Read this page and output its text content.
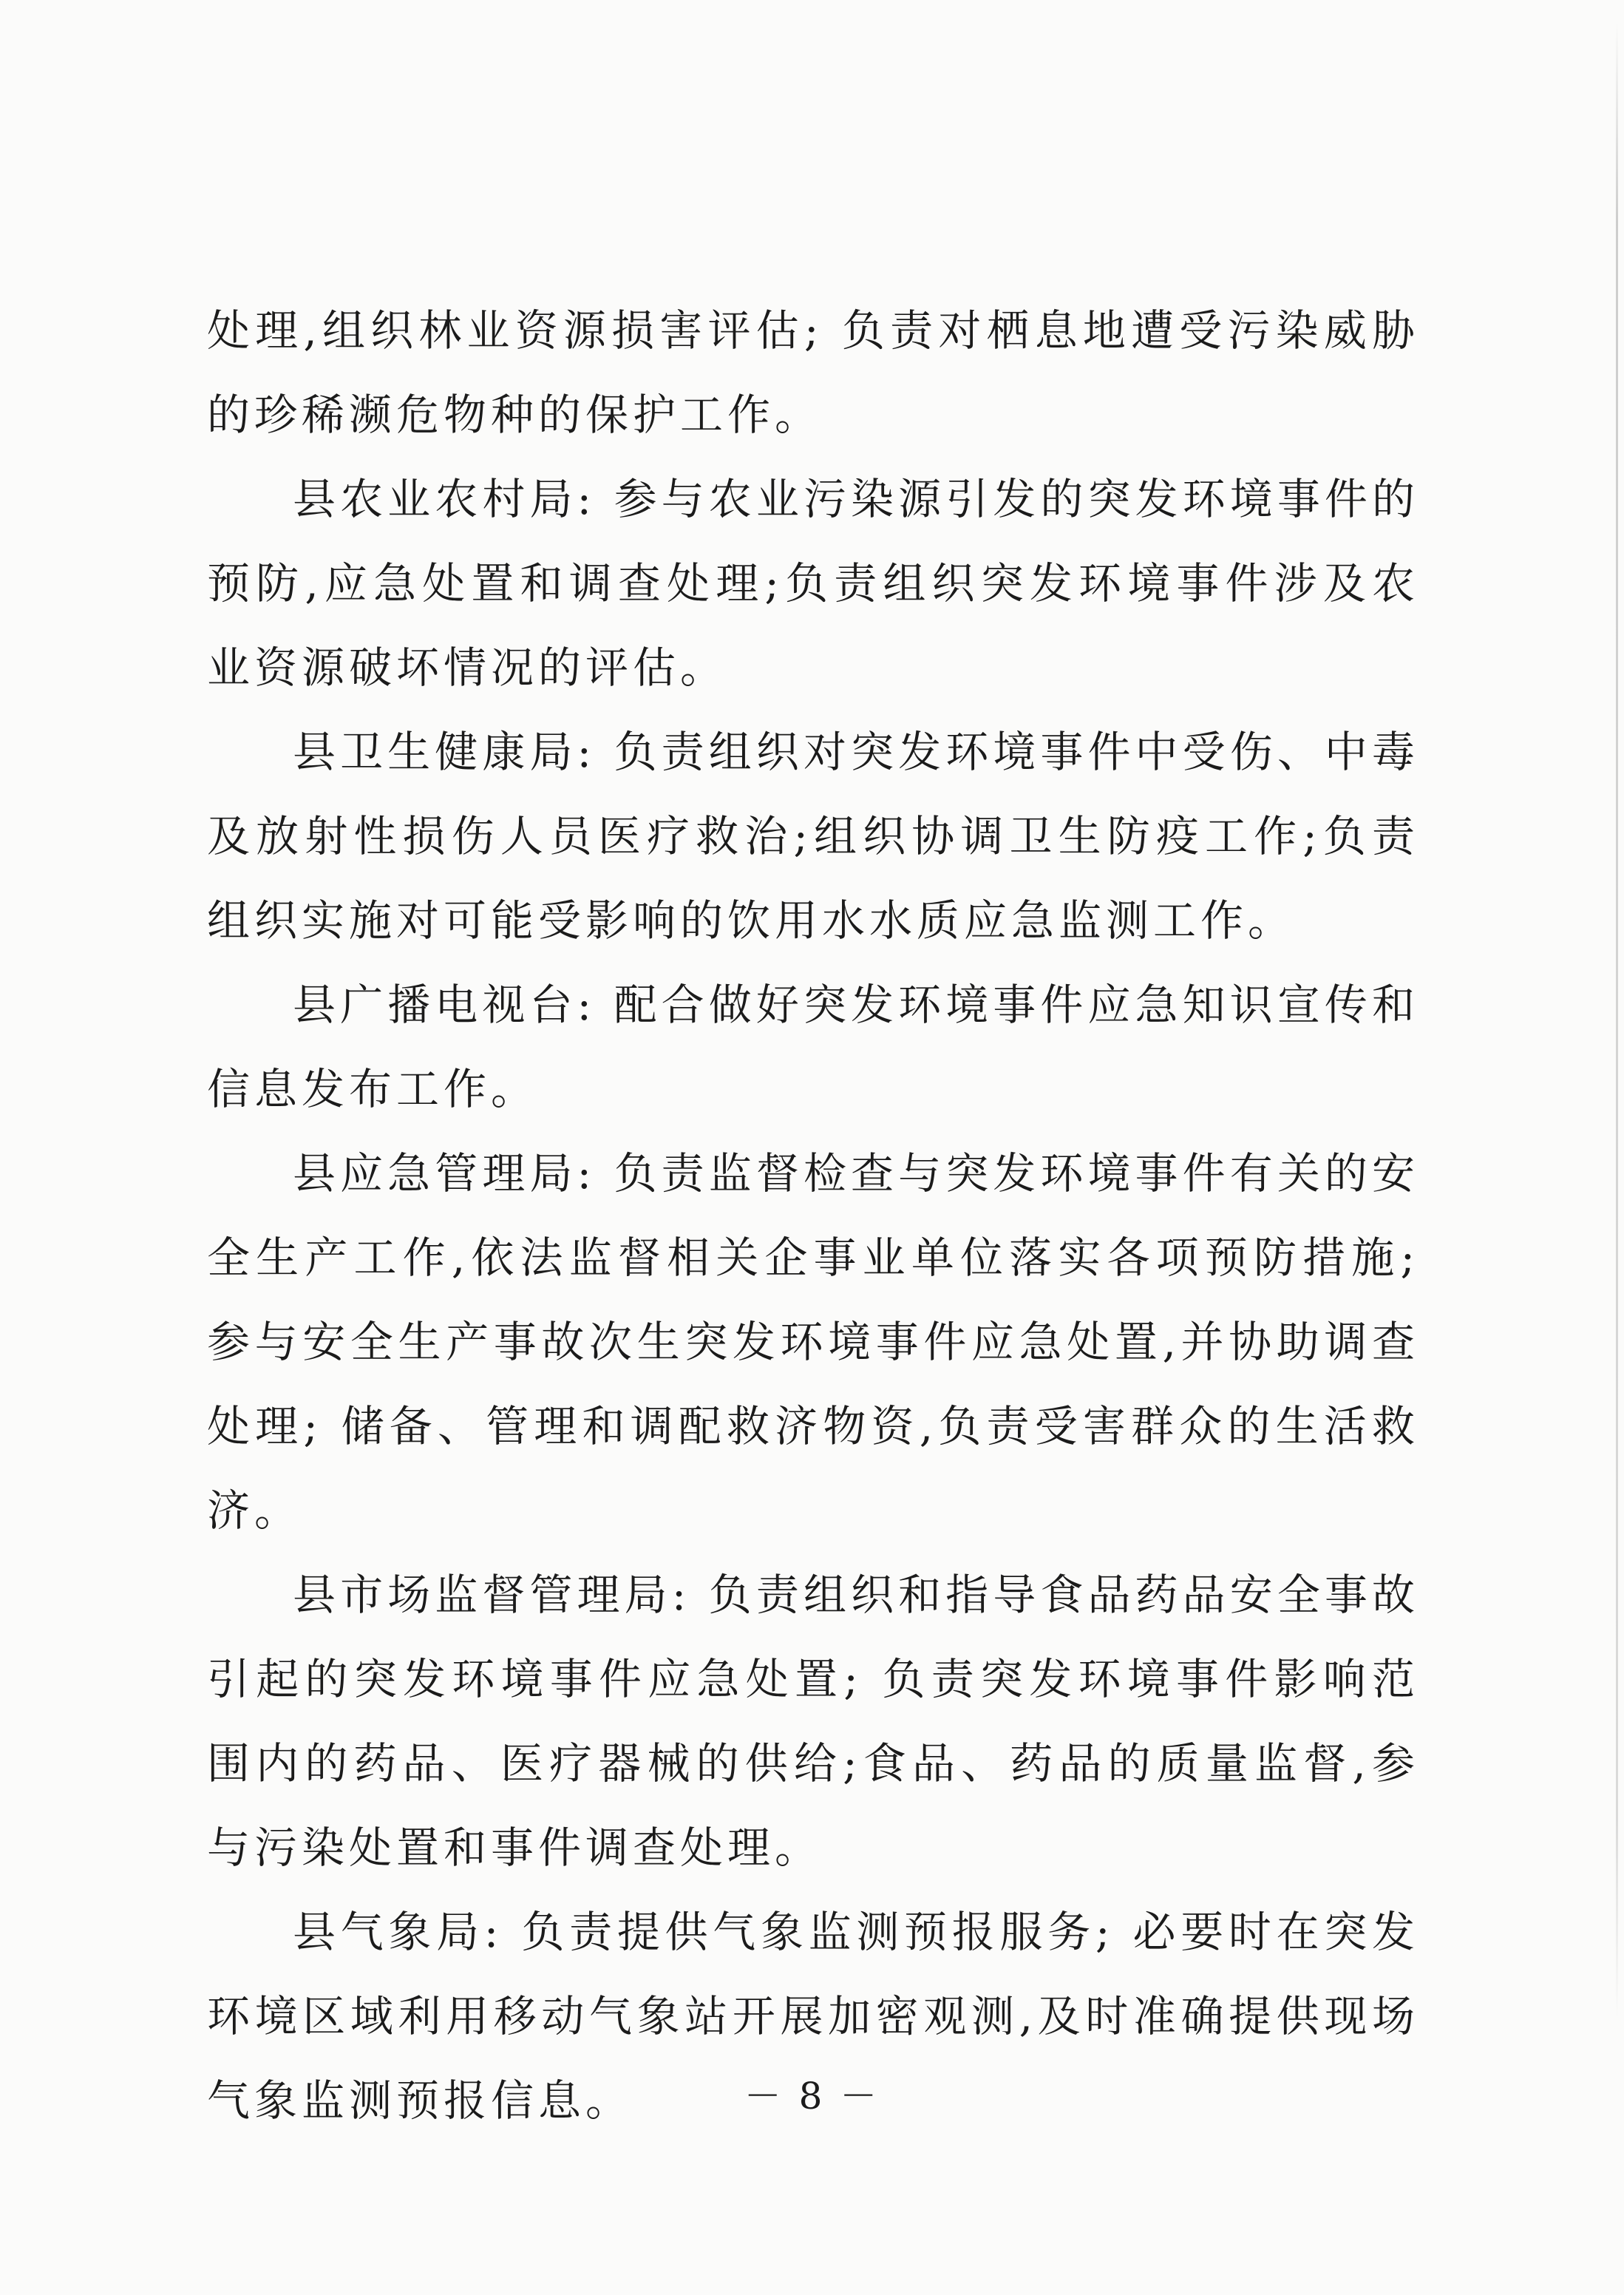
处理,组织林业资源损害评估; 负责对栖息地遭受污染威胁的珍稀濒危物种的保护工作。

县农业农村局: 参与农业污染源引发的突发环境事件的预防,应急处置和调查处理;负责组织突发环境事件涉及农业资源破坏情况的评估。

县卫生健康局: 负责组织对突发环境事件中受伤、中毒及放射性损伤人员医疗救治;组织协调卫生防疫工作;负责组织实施对可能受影响的饮用水水质应急监测工作。

县广播电视台: 配合做好突发环境事件应急知识宣传和信息发布工作。

县应急管理局: 负责监督检查与突发环境事件有关的安全生产工作,依法监督相关企事业单位落实各项预防措施; 参与安全生产事故次生突发环境事件应急处置,并协助调查处理; 储备、管理和调配救济物资,负责受害群众的生活救济。

县市场监督管理局: 负责组织和指导食品药品安全事故引起的突发环境事件应急处置; 负责突发环境事件影响范围内的药品、医疗器械的供给;食品、药品的质量监督,参与污染处置和事件调查处理。

县气象局: 负责提供气象监测预报服务; 必要时在突发环境区域利用移动气象站开展加密观测,及时准确提供现场气象监测预报信息。	－ 8 －
